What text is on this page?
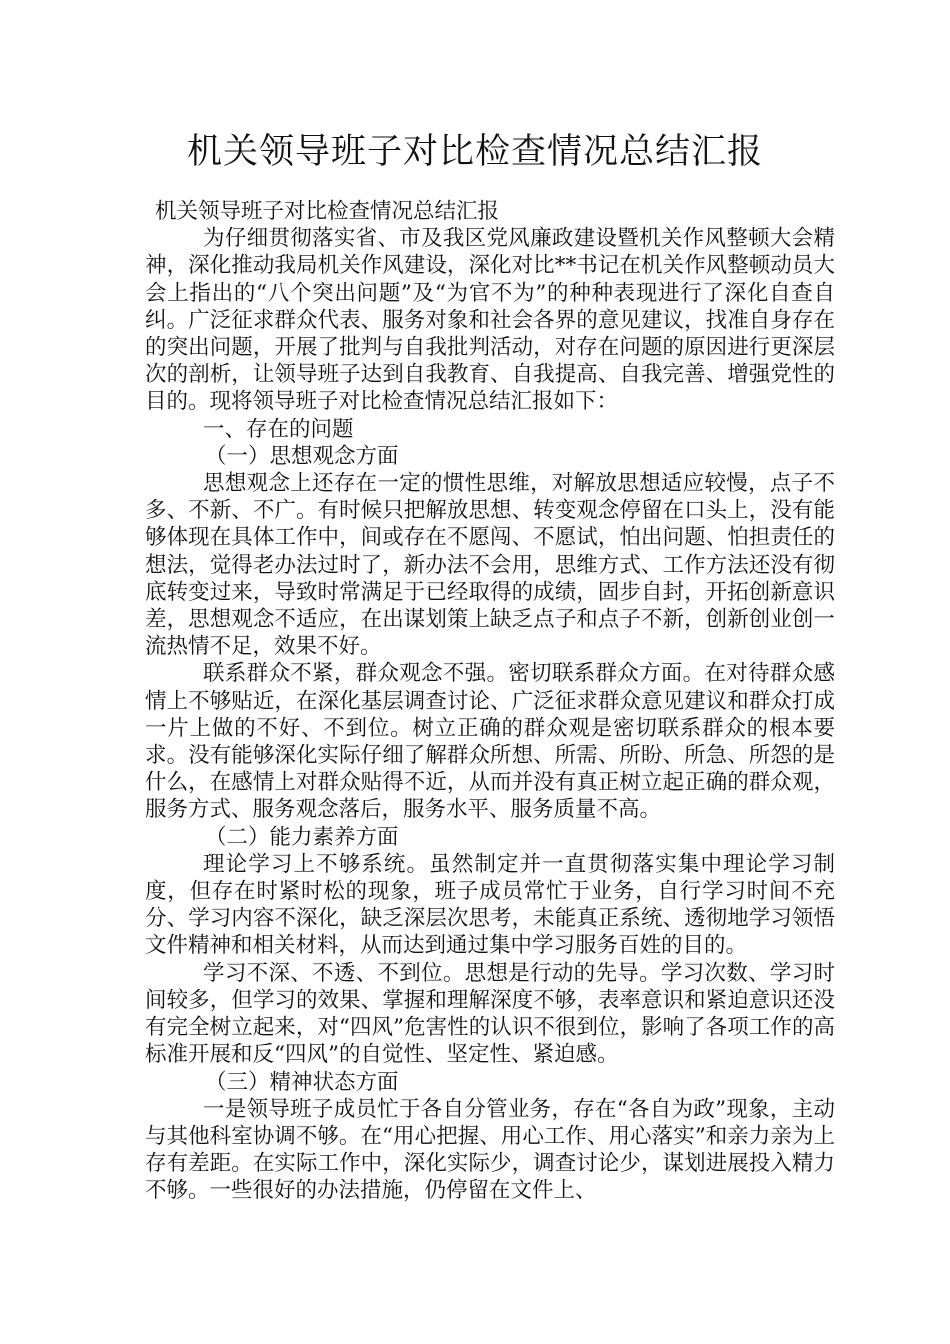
机关领导班子对比检查情况总结汇报

机关领导班子对比检查情况总结汇报

为仔细贯彻落实省、市及我区党风廉政建设暨机关作风整顿大会精神，深化推动我局机关作风建设，深化对比**书记在机关作风整顿动员大会上指出的“八个突出问题”及“为官不为”的种种表现进行了深化自查自纠。广泛征求群众代表、服务对象和社会各界的意见建议，找准自身存在的突出问题，开展了批判与自我批判活动，对存在问题的原因进行更深层次的剖析，让领导班子达到自我教育、自我提高、自我完善、增强党性的目的。现将领导班子对比检查情况总结汇报如下：

一、存在的问题

（一）思想观念方面

思想观念上还存在一定的惯性思维，对解放思想适应较慢，点子不多、不新、不广。有时候只把解放思想、转变观念停留在口头上，没有能够体现在具体工作中，间或存在不愿闯、不愿试，怕出问题、怕担责任的想法，觉得老办法过时了，新办法不会用，思维方式、工作方法还没有彻底转变过来，导致时常满足于已经取得的成绩，固步自封，开拓创新意识差，思想观念不适应，在出谋划策上缺乏点子和点子不新，创新创业创一流热情不足，效果不好。

联系群众不紧，群众观念不强。密切联系群众方面。在对待群众感情上不够贴近，在深化基层调查讨论、广泛征求群众意见建议和群众打成一片上做的不好、不到位。树立正确的群众观是密切联系群众的根本要求。没有能够深化实际仔细了解群众所想、所需、所盼、所急、所怨的是什么，在感情上对群众贴得不近，从而并没有真正树立起正确的群众观，服务方式、服务观念落后，服务水平、服务质量不高。

（二）能力素养方面

理论学习上不够系统。虽然制定并一直贯彻落实集中理论学习制度，但存在时紧时松的现象，班子成员常忙于业务，自行学习时间不充分、学习内容不深化，缺乏深层次思考，未能真正系统、透彻地学习领悟文件精神和相关材料，从而达到通过集中学习服务百姓的目的。

学习不深、不透、不到位。思想是行动的先导。学习次数、学习时间较多，但学习的效果、掌握和理解深度不够，表率意识和紧迫意识还没有完全树立起来，对“四风”危害性的认识不很到位，影响了各项工作的高标准开展和反“四风”的自觉性、坚定性、紧迫感。

（三）精神状态方面

一是领导班子成员忙于各自分管业务，存在“各自为政”现象，主动与其他科室协调不够。在“用心把握、用心工作、用心落实”和亲力亲为上存有差距。在实际工作中，深化实际少，调查讨论少，谋划进展投入精力不够。一些很好的办法措施，仍停留在文件上、
